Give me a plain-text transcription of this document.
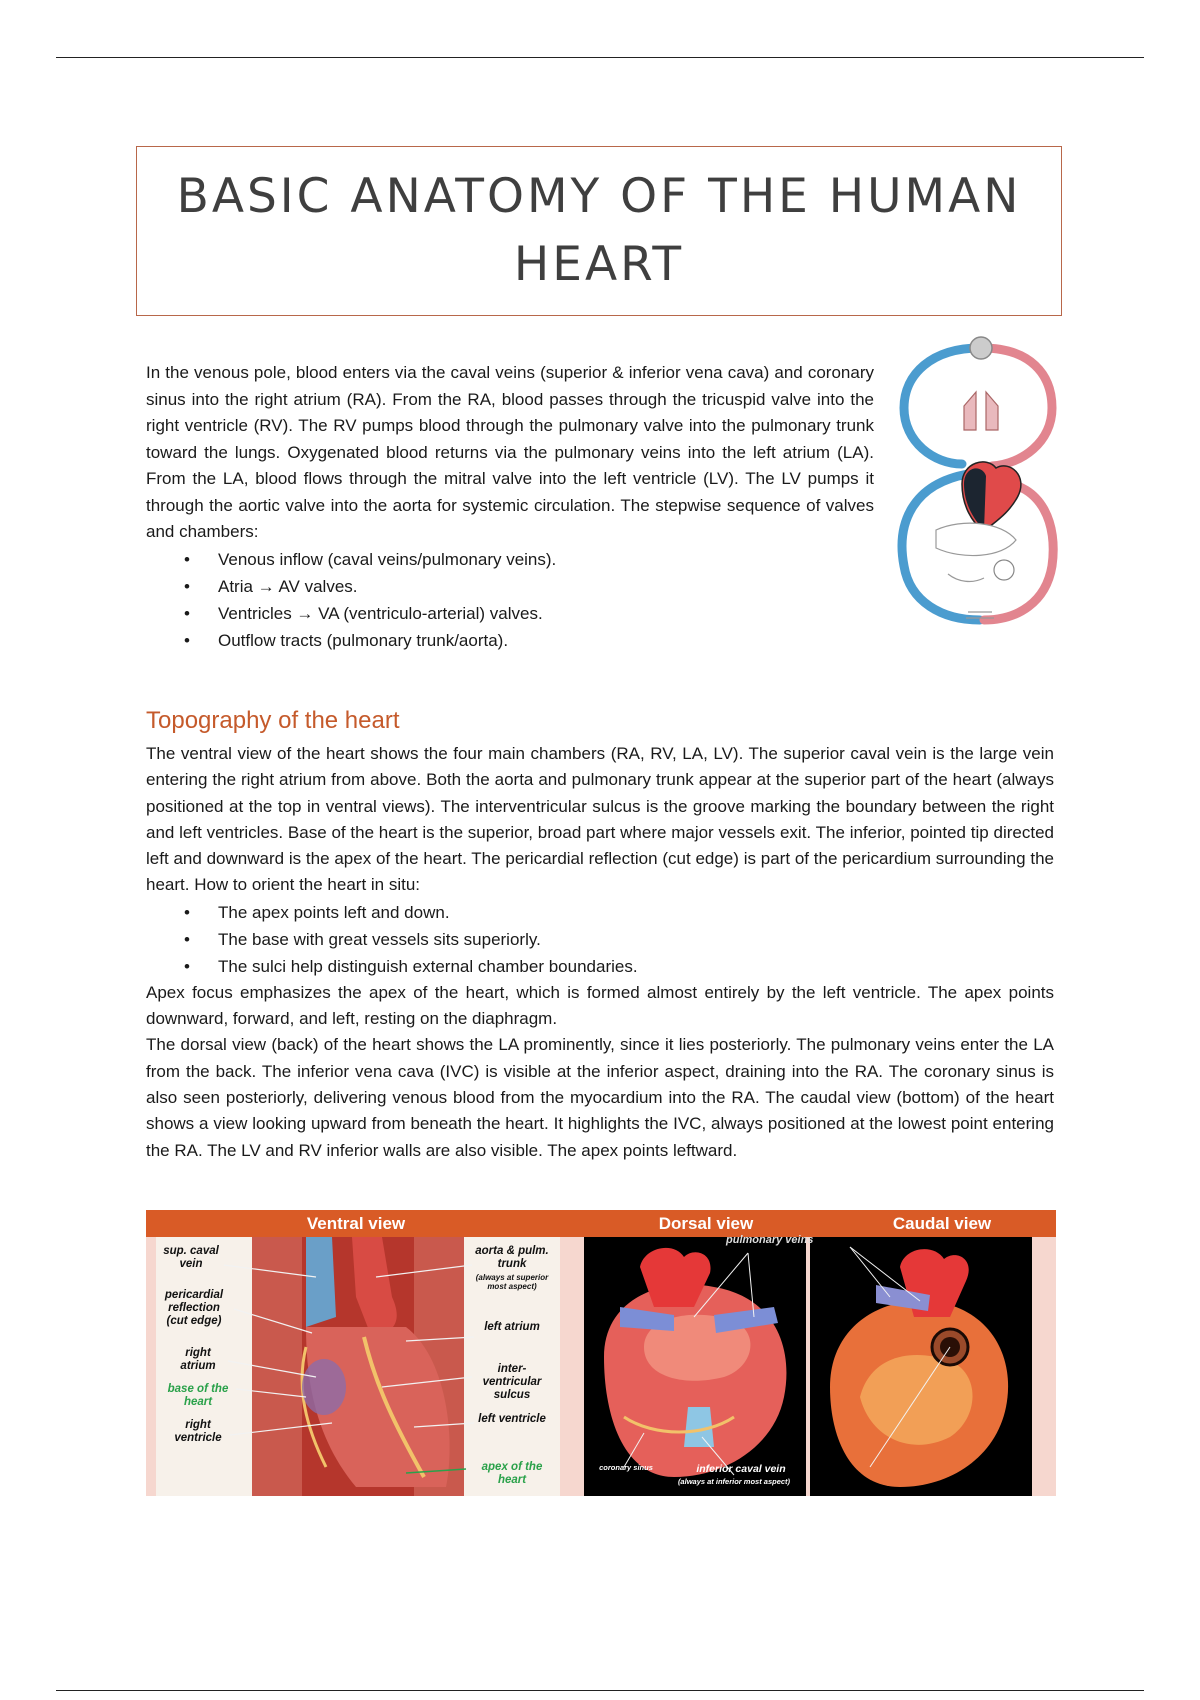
BASIC ANATOMY OF THE HUMAN HEART

In the venous pole, blood enters via the caval veins (superior & inferior vena cava) and coronary sinus into the right atrium (RA). From the RA, blood passes through the tricuspid valve into the right ventricle (RV). The RV pumps blood through the pulmonary valve into the pulmonary trunk toward the lungs. Oxygenated blood returns via the pulmonary veins into the left atrium (LA). From the LA, blood flows through the mitral valve into the left ventricle (LV). The LV pumps it through the aortic valve into the aorta for systemic circulation. The stepwise sequence of valves and chambers:

• Venous inflow (caval veins/pulmonary veins).
• Atria → AV valves.
• Ventricles → VA (ventriculo-arterial) valves.
• Outflow tracts (pulmonary trunk/aorta).
Topography of the heart

The ventral view of the heart shows the four main chambers (RA, RV, LA, LV). The superior caval vein is the large vein entering the right atrium from above. Both the aorta and pulmonary trunk appear at the superior part of the heart (always positioned at the top in ventral views). The interventricular sulcus is the groove marking the boundary between the right and left ventricles. Base of the heart is the superior, broad part where major vessels exit. The inferior, pointed tip directed left and downward is the apex of the heart. The pericardial reflection (cut edge) is part of the pericardium surrounding the heart. How to orient the heart in situ:

• The apex points left and down.
• The base with great vessels sits superiorly.
• The sulci help distinguish external chamber boundaries.

Apex focus emphasizes the apex of the heart, which is formed almost entirely by the left ventricle. The apex points downward, forward, and left, resting on the diaphragm.

The dorsal view (back) of the heart shows the LA prominently, since it lies posteriorly. The pulmonary veins enter the LA from the back. The inferior vena cava (IVC) is visible at the inferior aspect, draining into the RA. The coronary sinus is also seen posteriorly, delivering venous blood from the myocardium into the RA. The caudal view (bottom) of the heart shows a view looking upward from beneath the heart. It highlights the IVC, always positioned at the lowest point entering the RA. The LV and RV inferior walls are also visible. The apex points leftward.

Ventral view	Dorsal view	Caudal view
sup. caval vein
pericardial reflection (cut edge)
right atrium
base of the heart
right ventricle
aorta & pulm. trunk
(always at superior most aspect)
left atrium
inter-ventricular sulcus
left ventricle
apex of the heart
coronary sinus	inferior caval vein
(always at inferior most aspect)
pulmonary veins
